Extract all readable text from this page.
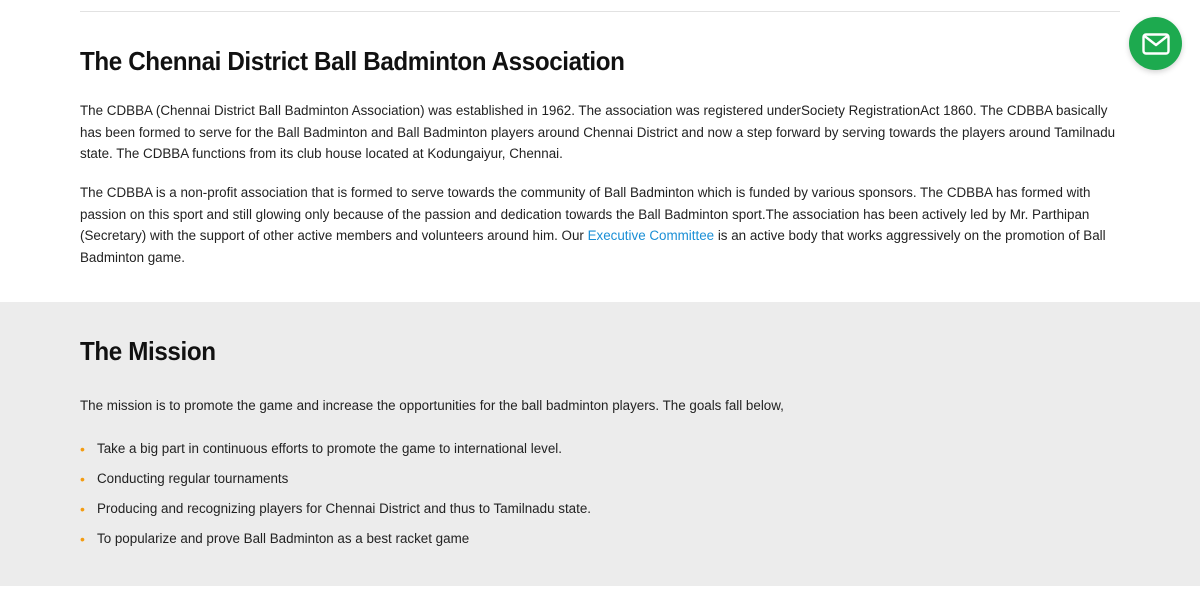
The Chennai District Ball Badminton Association

The CDBBA (Chennai District Ball Badminton Association) was established in 1962. The association was registered underSociety RegistrationAct 1860. The CDBBA basically has been formed to serve for the Ball Badminton and Ball Badminton players around Chennai District and now a step forward by serving towards the players around Tamilnadu state. The CDBBA functions from its club house located at Kodungaiyur, Chennai.

The CDBBA is a non-profit association that is formed to serve towards the community of Ball Badminton which is funded by various sponsors. The CDBBA has formed with passion on this sport and still glowing only because of the passion and dedication towards the Ball Badminton sport.The association has been actively led by Mr. Parthipan (Secretary) with the support of other active members and volunteers around him. Our Executive Committee is an active body that works aggressively on the promotion of Ball Badminton game.

The Mission

The mission is to promote the game and increase the opportunities for the ball badminton players. The goals fall below,

• Take a big part in continuous efforts to promote the game to international level.
• Conducting regular tournaments
• Producing and recognizing players for Chennai District and thus to Tamilnadu state.
• To popularize and prove Ball Badminton as a best racket game
